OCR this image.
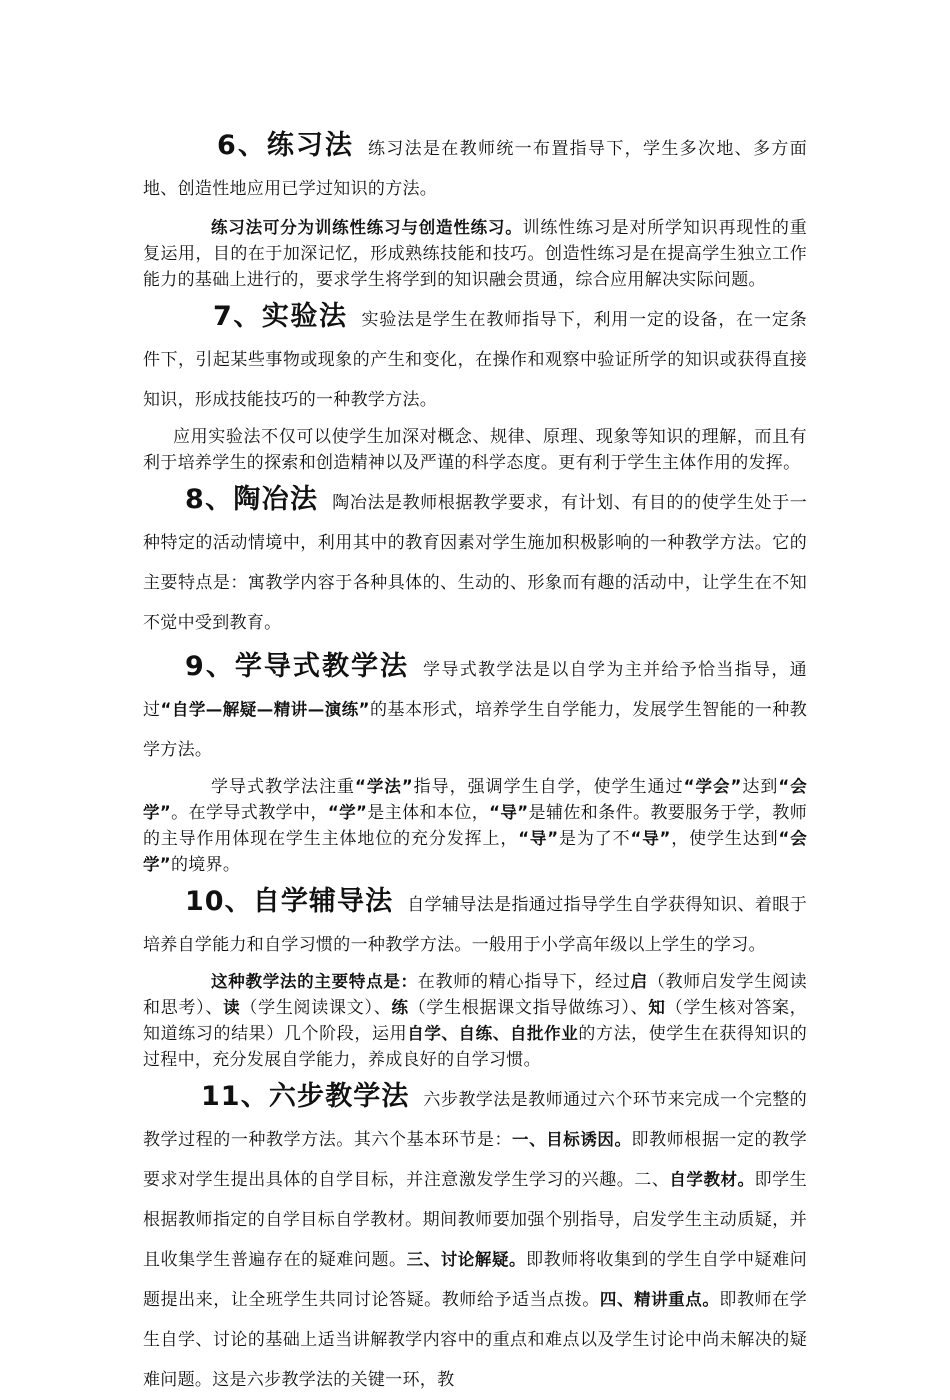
6、练习法 练习法是在教师统一布置指导下，学生多次地、多方面地、创造性地应用已学过知识的方法。

练习法可分为训练性练习与创造性练习。训练性练习是对所学知识再现性的重复运用，目的在于加深记忆，形成熟练技能和技巧。创造性练习是在提高学生独立工作能力的基础上进行的，要求学生将学到的知识融会贯通，综合应用解决实际问题。

7、实验法 实验法是学生在教师指导下，利用一定的设备，在一定条件下，引起某些事物或现象的产生和变化，在操作和观察中验证所学的知识或获得直接知识，形成技能技巧的一种教学方法。

应用实验法不仅可以使学生加深对概念、规律、原理、现象等知识的理解，而且有利于培养学生的探索和创造精神以及严谨的科学态度。更有利于学生主体作用的发挥。

8、陶冶法 陶冶法是教师根据教学要求，有计划、有目的的使学生处于一种特定的活动情境中，利用其中的教育因素对学生施加积极影响的一种教学方法。它的主要特点是：寓教学内容于各种具体的、生动的、形象而有趣的活动中，让学生在不知不觉中受到教育。

9、学导式教学法 学导式教学法是以自学为主并给予恰当指导，通过“自学—解疑—精讲—演练”的基本形式，培养学生自学能力，发展学生智能的一种教学方法。

学导式教学法注重“学法”指导，强调学生自学，使学生通过“学会”达到“会学”。在学导式教学中，“学”是主体和本位，“导”是辅佐和条件。教要服务于学，教师的主导作用体现在学生主体地位的充分发挥上，“导”是为了不“导”，使学生达到“会学”的境界。

10、自学辅导法 自学辅导法是指通过指导学生自学获得知识、着眼于培养自学能力和自学习惯的一种教学方法。一般用于小学高年级以上学生的学习。

这种教学法的主要特点是：在教师的精心指导下，经过启（教师启发学生阅读和思考）、读（学生阅读课文）、练（学生根据课文指导做练习）、知（学生核对答案，知道练习的结果）几个阶段，运用自学、自练、自批作业的方法，使学生在获得知识的过程中，充分发展自学能力，养成良好的自学习惯。

11、六步教学法 六步教学法是教师通过六个环节来完成一个完整的教学过程的一种教学方法。其六个基本环节是：一、目标诱因。即教师根据一定的教学要求对学生提出具体的自学目标，并注意激发学生学习的兴趣。二、自学教材。即学生根据教师指定的自学目标自学教材。期间教师要加强个别指导，启发学生主动质疑，并且收集学生普遍存在的疑难问题。三、讨论解疑。即教师将收集到的学生自学中疑难问题提出来，让全班学生共同讨论答疑。教师给予适当点拨。四、精讲重点。即教师在学生自学、讨论的基础上适当讲解教学内容中的重点和难点以及学生讨论中尚未解决的疑难问题。这是六步教学法的关键一环，教
